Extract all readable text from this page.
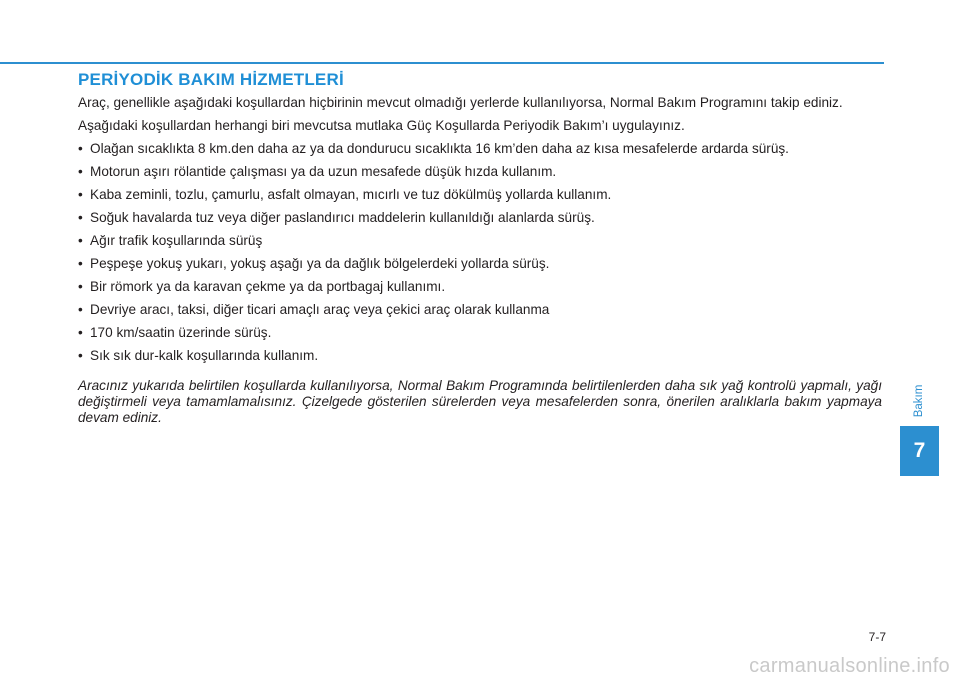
PERİYODİK BAKIM HİZMETLERİ

Araç, genellikle aşağıdaki koşullardan hiçbirinin mevcut olmadığı yerlerde kullanılıyorsa, Normal Bakım Programını takip ediniz.

Aşağıdaki koşullardan herhangi biri mevcutsa mutlaka Güç Koşullarda Periyodik Bakım’ı uygulayınız.

• Olağan sıcaklıkta 8 km.den daha az ya da dondurucu sıcaklıkta 16 km’den daha az kısa mesafelerde ardarda sürüş.
• Motorun aşırı rölantide çalışması ya da uzun mesafede düşük hızda kullanım.
• Kaba zeminli, tozlu, çamurlu, asfalt olmayan, mıcırlı ve tuz dökülmüş yollarda kullanım.
• Soğuk havalarda tuz veya diğer paslandırıcı maddelerin kullanıldığı alanlarda sürüş.
• Ağır trafik koşullarında sürüş
• Peşpeşe yokuş yukarı, yokuş aşağı ya da dağlık bölgelerdeki yollarda sürüş.
• Bir römork ya da karavan çekme ya da portbagaj kullanımı.
• Devriye aracı, taksi, diğer ticari amaçlı araç veya çekici araç olarak kullanma
• 170 km/saatin üzerinde sürüş.
• Sık sık dur-kalk koşullarında kullanım.

Aracınız yukarıda belirtilen koşullarda kullanılıyorsa, Normal Bakım Programında belirtilenlerden daha sık yağ kontrolü yapmalı, yağı değiştirmeli veya tamamlamalısınız. Çizelgede gösterilen sürelerden veya mesafelerden sonra, önerilen aralıklarla bakım yapmaya devam ediniz.

Bakım
7
7-7
carmanualsonline.info
